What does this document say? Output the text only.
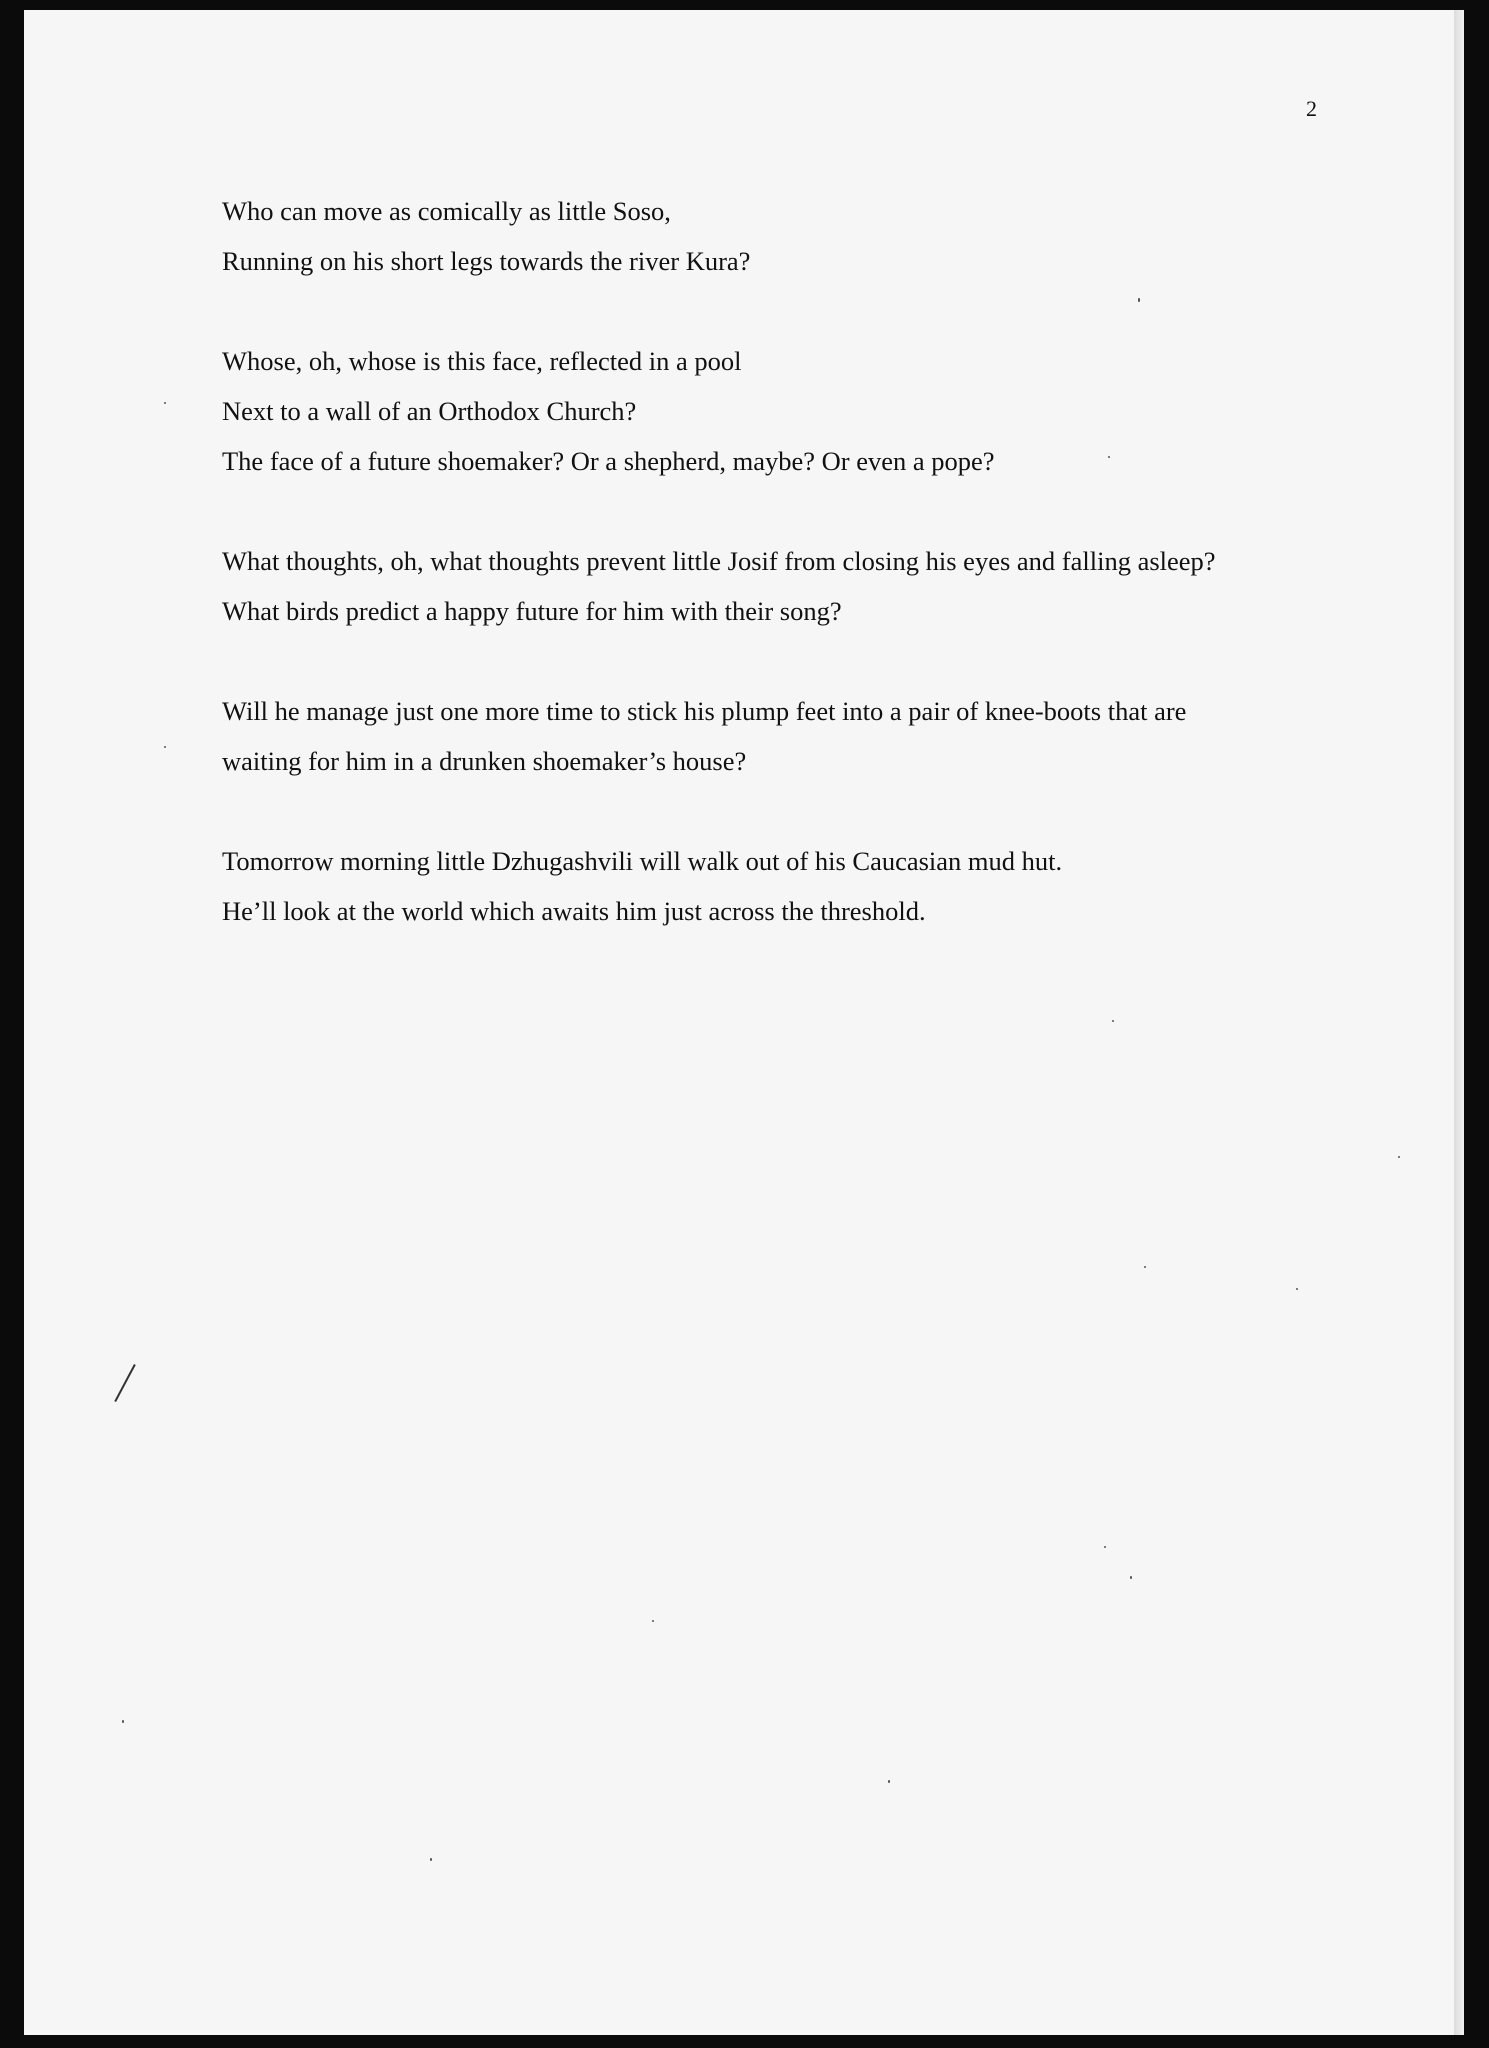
2
Who can move as comically as little Soso,
Running on his short legs towards the river Kura?
Whose, oh, whose is this face, reflected in a pool
Next to a wall of an Orthodox Church?
The face of a future shoemaker? Or a shepherd, maybe? Or even a pope?
What thoughts, oh, what thoughts prevent little Josif from closing his eyes and falling asleep?
What birds predict a happy future for him with their song?
Will he manage just one more time to stick his plump feet into a pair of knee-boots that are
waiting for him in a drunken shoemaker’s house?
Tomorrow morning little Dzhugashvili will walk out of his Caucasian mud hut.
He’ll look at the world which awaits him just across the threshold.
